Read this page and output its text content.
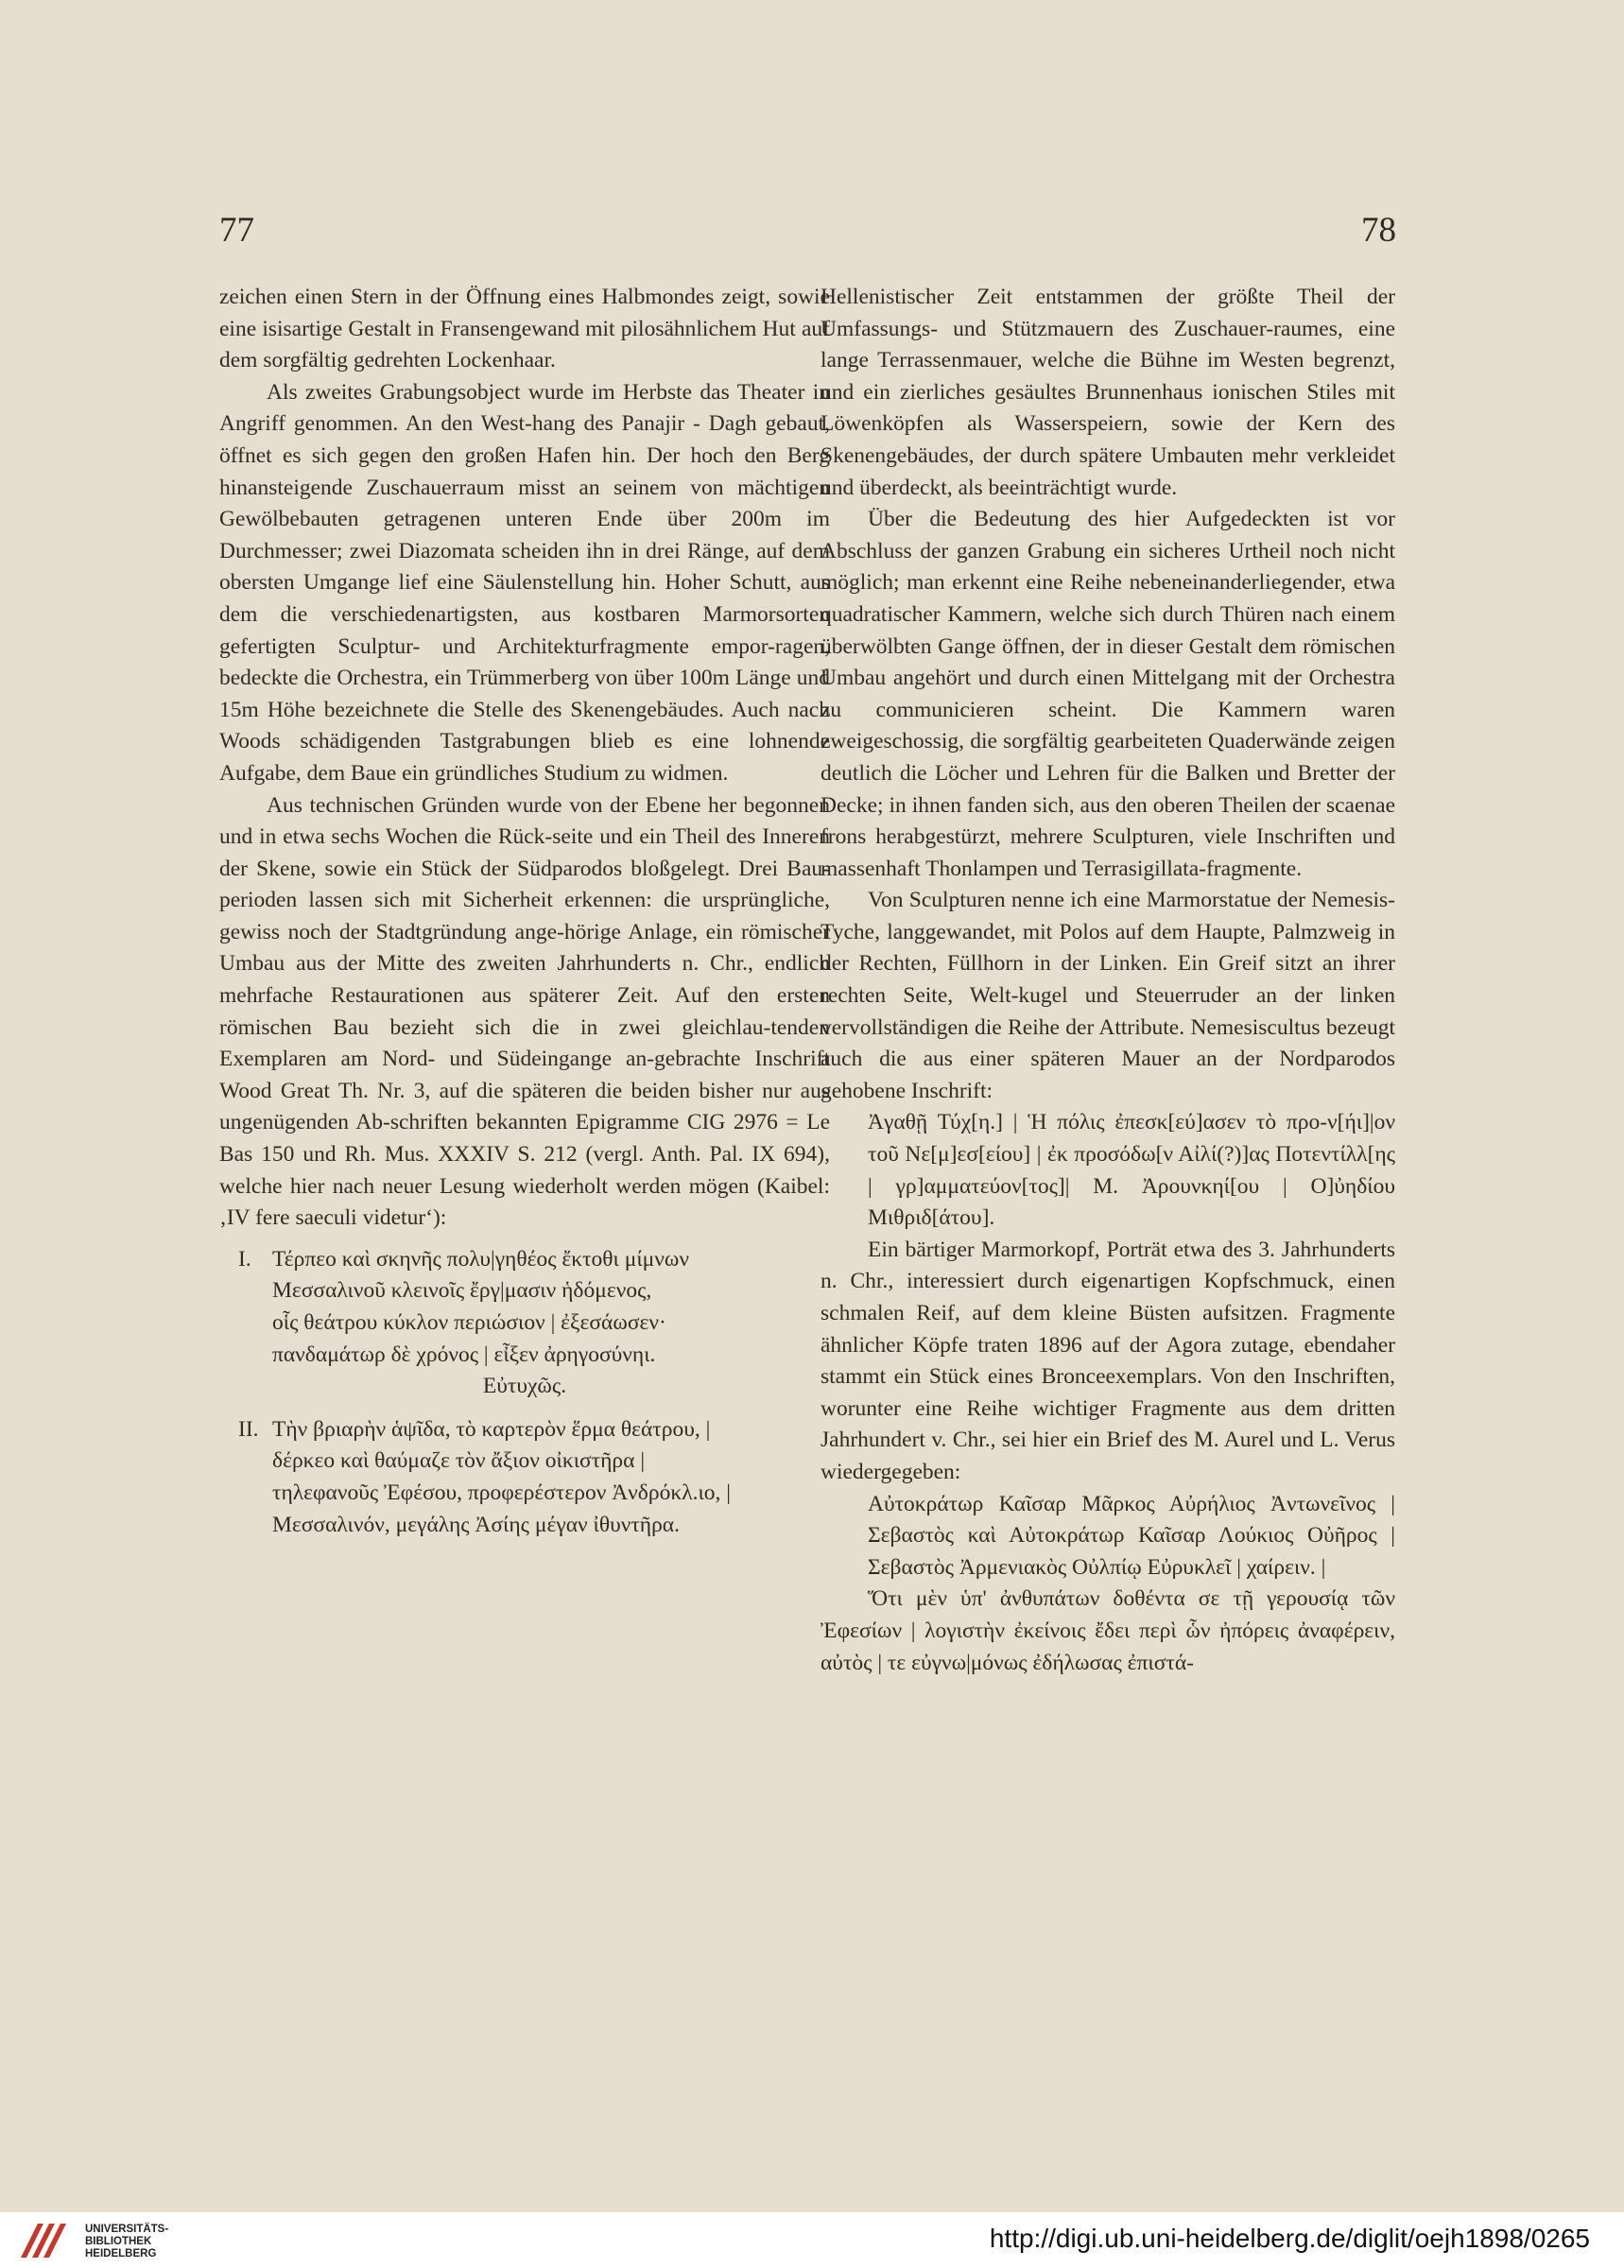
77	78

zeichen einen Stern in der Öffnung eines Halbmondes zeigt, sowie eine isisartige Gestalt in Fransengewand mit pilosähnlichem Hut auf dem sorgfältig gedrehten Lockenhaar.

Als zweites Grabungsobject wurde im Herbste das Theater in Angriff genommen. An den West-hang des Panajir - Dagh gebaut, öffnet es sich gegen den großen Hafen hin. Der hoch den Berg hinansteigende Zuschauerraum misst an seinem von mächtigen Gewölbebauten getragenen unteren Ende über 200m im Durchmesser; zwei Diazomata scheiden ihn in drei Ränge, auf dem obersten Umgange lief eine Säulenstellung hin. Hoher Schutt, aus dem die verschiedenartigsten, aus kostbaren Marmorsorten gefertigten Sculptur- und Architekturfragmente empor-ragen, bedeckte die Orchestra, ein Trümmerberg von über 100m Länge und 15m Höhe bezeichnete die Stelle des Skenengebäudes. Auch nach Woods schädigenden Tastgrabungen blieb es eine lohnende Aufgabe, dem Baue ein gründliches Studium zu widmen.

Aus technischen Gründen wurde von der Ebene her begonnen und in etwa sechs Wochen die Rück-seite und ein Theil des Inneren der Skene, sowie ein Stück der Südparodos bloßgelegt. Drei Bau-perioden lassen sich mit Sicherheit erkennen: die ursprüngliche, gewiss noch der Stadtgründung ange-hörige Anlage, ein römischer Umbau aus der Mitte des zweiten Jahrhunderts n. Chr., endlich mehrfache Restaurationen aus späterer Zeit. Auf den ersten römischen Bau bezieht sich die in zwei gleichlau-tenden Exemplaren am Nord- und Südeingange an-gebrachte Inschrift Wood Great Th. Nr. 3, auf die späteren die beiden bisher nur aus ungenügenden Ab-schriften bekannten Epigramme CIG 2976 = Le Bas 150 und Rh. Mus. XXXIV S. 212 (vergl. Anth. Pal. IX 694), welche hier nach neuer Lesung wiederholt werden mögen (Kaibel: ‚IV fere saeculi videtur‘):

I. Τέρπεο καὶ σκηνῆς πολυ|γηθέος ἔκτοθι μίμνων
Μεσσαλινοῦ κλεινοῖς ἔργ|μασιν ἡδόμενος,
οἷς θεάτρου κύκλον περιώσιον | ἐξεσάωσεν·
πανδαμάτωρ δὲ χρόνος | εἶξεν ἀρηγοσύνηι.
Εὐτυχῶς.
II. Τὴν βριαρὴν ἁψῖδα, τὸ καρτερὸν ἕρμα θεάτρου, |
δέρκεο καὶ θαύμαζε τὸν ἄξιον οἰκιστῆρα |
τηλεφανοῦς Ἐφέσου, προφερέστερον Ἀνδρόκλ.ιο, |
Μεσσαλινόν, μεγάλης Ἀσίης μέγαν ἰθυντῆρα.

Hellenistischer Zeit entstammen der größte Theil der Umfassungs- und Stützmauern des Zuschauer-raumes, eine lange Terrassenmauer, welche die Bühne im Westen begrenzt, und ein zierliches gesäultes Brunnenhaus ionischen Stiles mit Löwenköpfen als Wasserspeiern, sowie der Kern des Skenengebäudes, der durch spätere Umbauten mehr verkleidet und überdeckt, als beeinträchtigt wurde.

Über die Bedeutung des hier Aufgedeckten ist vor Abschluss der ganzen Grabung ein sicheres Urtheil noch nicht möglich; man erkennt eine Reihe nebeneinanderliegender, etwa quadratischer Kammern, welche sich durch Thüren nach einem überwölbten Gange öffnen, der in dieser Gestalt dem römischen Umbau angehört und durch einen Mittelgang mit der Orchestra zu communicieren scheint. Die Kammern waren zweigeschossig, die sorgfältig gearbeiteten Quaderwände zeigen deutlich die Löcher und Lehren für die Balken und Bretter der Decke; in ihnen fanden sich, aus den oberen Theilen der scaenae frons herabgestürzt, mehrere Sculpturen, viele Inschriften und massenhaft Thonlampen und Terrasigillata-fragmente.

Von Sculpturen nenne ich eine Marmorstatue der Nemesis-Tyche, langgewandet, mit Polos auf dem Haupte, Palmzweig in der Rechten, Füllhorn in der Linken. Ein Greif sitzt an ihrer rechten Seite, Welt-kugel und Steuerruder an der linken vervollständigen die Reihe der Attribute. Nemesiscultus bezeugt auch die aus einer späteren Mauer an der Nordparodos gehobene Inschrift:

Ἀγαθῇ Τύχ[η.] | Ἡ πόλις ἐπεσκ[εύ]ασεν τὸ προ-ν[ήι]|ον τοῦ Νε[μ]εσ[είου] | ἐκ προσόδω[ν Αἰλί(?)]ας Ποτεντίλλ[ης | γρ]αμματεύον[τος]| Μ. Ἀρουνκηί[ου | Ο]ὐηδίου Μιθριδ[άτου].

Ein bärtiger Marmorkopf, Porträt etwa des 3. Jahrhunderts n. Chr., interessiert durch eigenartigen Kopfschmuck, einen schmalen Reif, auf dem kleine Büsten aufsitzen. Fragmente ähnlicher Köpfe traten 1896 auf der Agora zutage, ebendaher stammt ein Stück eines Bronceexemplars. Von den Inschriften, worunter eine Reihe wichtiger Fragmente aus dem dritten Jahrhundert v. Chr., sei hier ein Brief des M. Aurel und L. Verus wiedergegeben:

Αὐτοκράτωρ Καῖσαρ Μᾶρκος Αὐρήλιος Ἀντωνεῖνος | Σεβαστὸς καὶ Αὐτοκράτωρ Καῖσαρ Λούκιος Οὐῆρος | Σεβαστὸς Ἀρμενιακὸς Οὐλπίῳ Εὐρυκλεῖ | χαίρειν. |

Ὅτι μὲν ὑπ' ἀνθυπάτων δοθέντα σε τῇ γερουσίᾳ τῶν Ἐφεσίων | λογιστὴν ἐκείνοις ἔδει περὶ ὧν ἠπόρεις ἀναφέρειν, αὐτὸς | τε εὐγνω|μόνως ἐδήλωσας ἐπιστά-

UNIVERSITÄTS-
BIBLIOTHEK
HEIDELBERG
http://digi.ub.uni-heidelberg.de/diglit/oejh1898/0265
